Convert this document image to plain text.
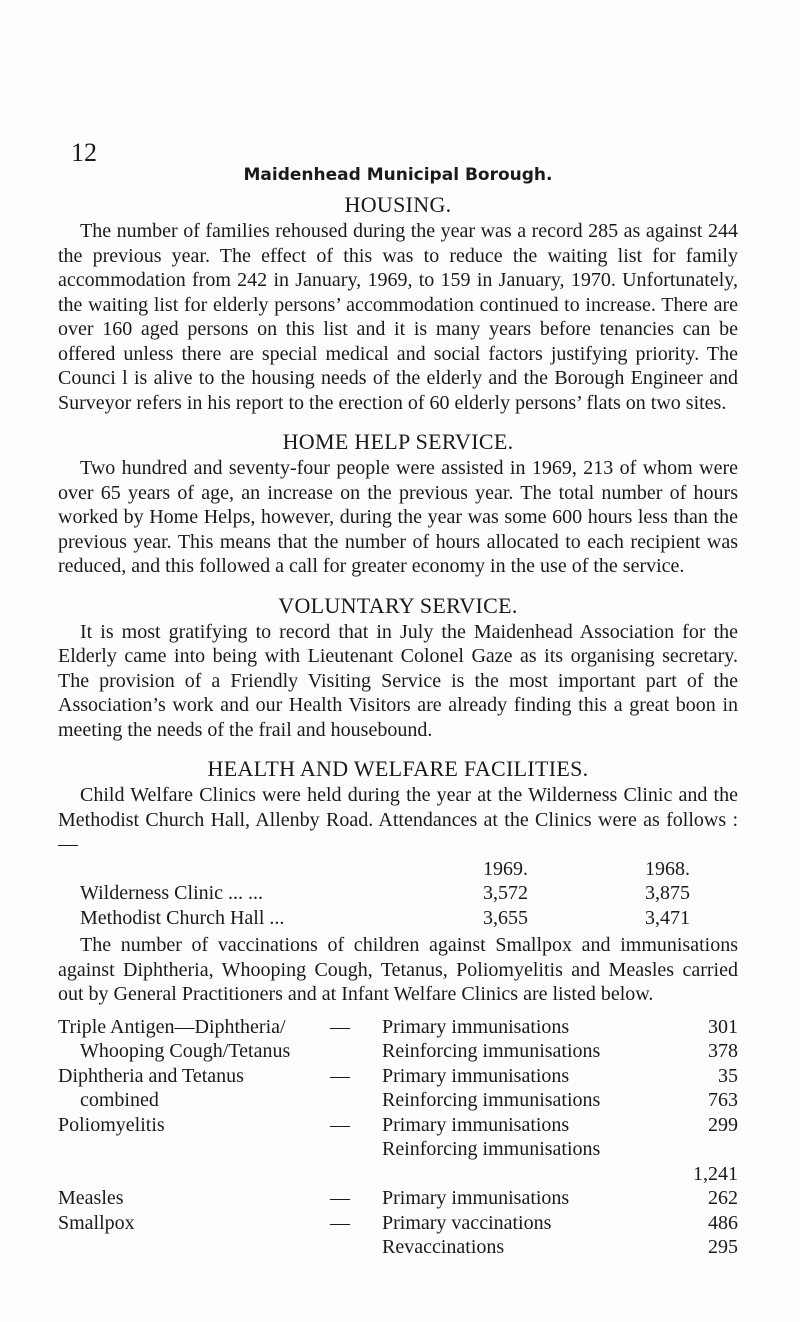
12
Maidenhead Municipal Borough.
HOUSING.

The number of families rehoused during the year was a record 285 as against 244 the previous year. The effect of this was to reduce the waiting list for family accommodation from 242 in January, 1969, to 159 in January, 1970. Unfortunately, the waiting list for elderly persons’ accommodation continued to increase. There are over 160 aged persons on this list and it is many years before tenancies can be offered unless there are special medical and social factors justifying priority. The Counci l is alive to the housing needs of the elderly and the Borough Engineer and Surveyor refers in his report to the erection of 60 elderly persons’ flats on two sites.

HOME HELP SERVICE.

Two hundred and seventy-four people were assisted in 1969, 213 of whom were over 65 years of age, an increase on the previous year. The total number of hours worked by Home Helps, however, during the year was some 600 hours less than the previous year. This means that the number of hours allocated to each recipient was reduced, and this followed a call for greater economy in the use of the service.

VOLUNTARY SERVICE.

It is most gratifying to record that in July the Maidenhead Association for the Elderly came into being with Lieutenant Colonel Gaze as its organising secretary. The provision of a Friendly Visiting Service is the most important part of the Association’s work and our Health Visitors are already finding this a great boon in meeting the needs of the frail and housebound.

HEALTH AND WELFARE FACILITIES.

Child Welfare Clinics were held during the year at the Wilderness Clinic and the Methodist Church Hall, Allenby Road. Attendances at the Clinics were as follows :—

1969.	1968.
Wilderness Clinic ... ...	3,572	3,875
Methodist Church Hall ...	3,655	3,471

The number of vaccinations of children against Smallpox and immunisations against Diphtheria, Whooping Cough, Tetanus, Poliomyelitis and Measles carried out by General Practitioners and at Infant Welfare Clinics are listed below.

Triple Antigen—Diphtheria/
Whooping Cough/Tetanus
—	Primary immunisations	301
Reinforcing immunisations	378
Diphtheria and Tetanus
combined
—	Primary immunisations	35
Reinforcing immunisations	763
Poliomyelitis	—	Primary immunisations	299
Reinforcing immunisations
1,241
Measles	—	Primary immunisations	262
Smallpox	—	Primary vaccinations	486
Revaccinations	295
